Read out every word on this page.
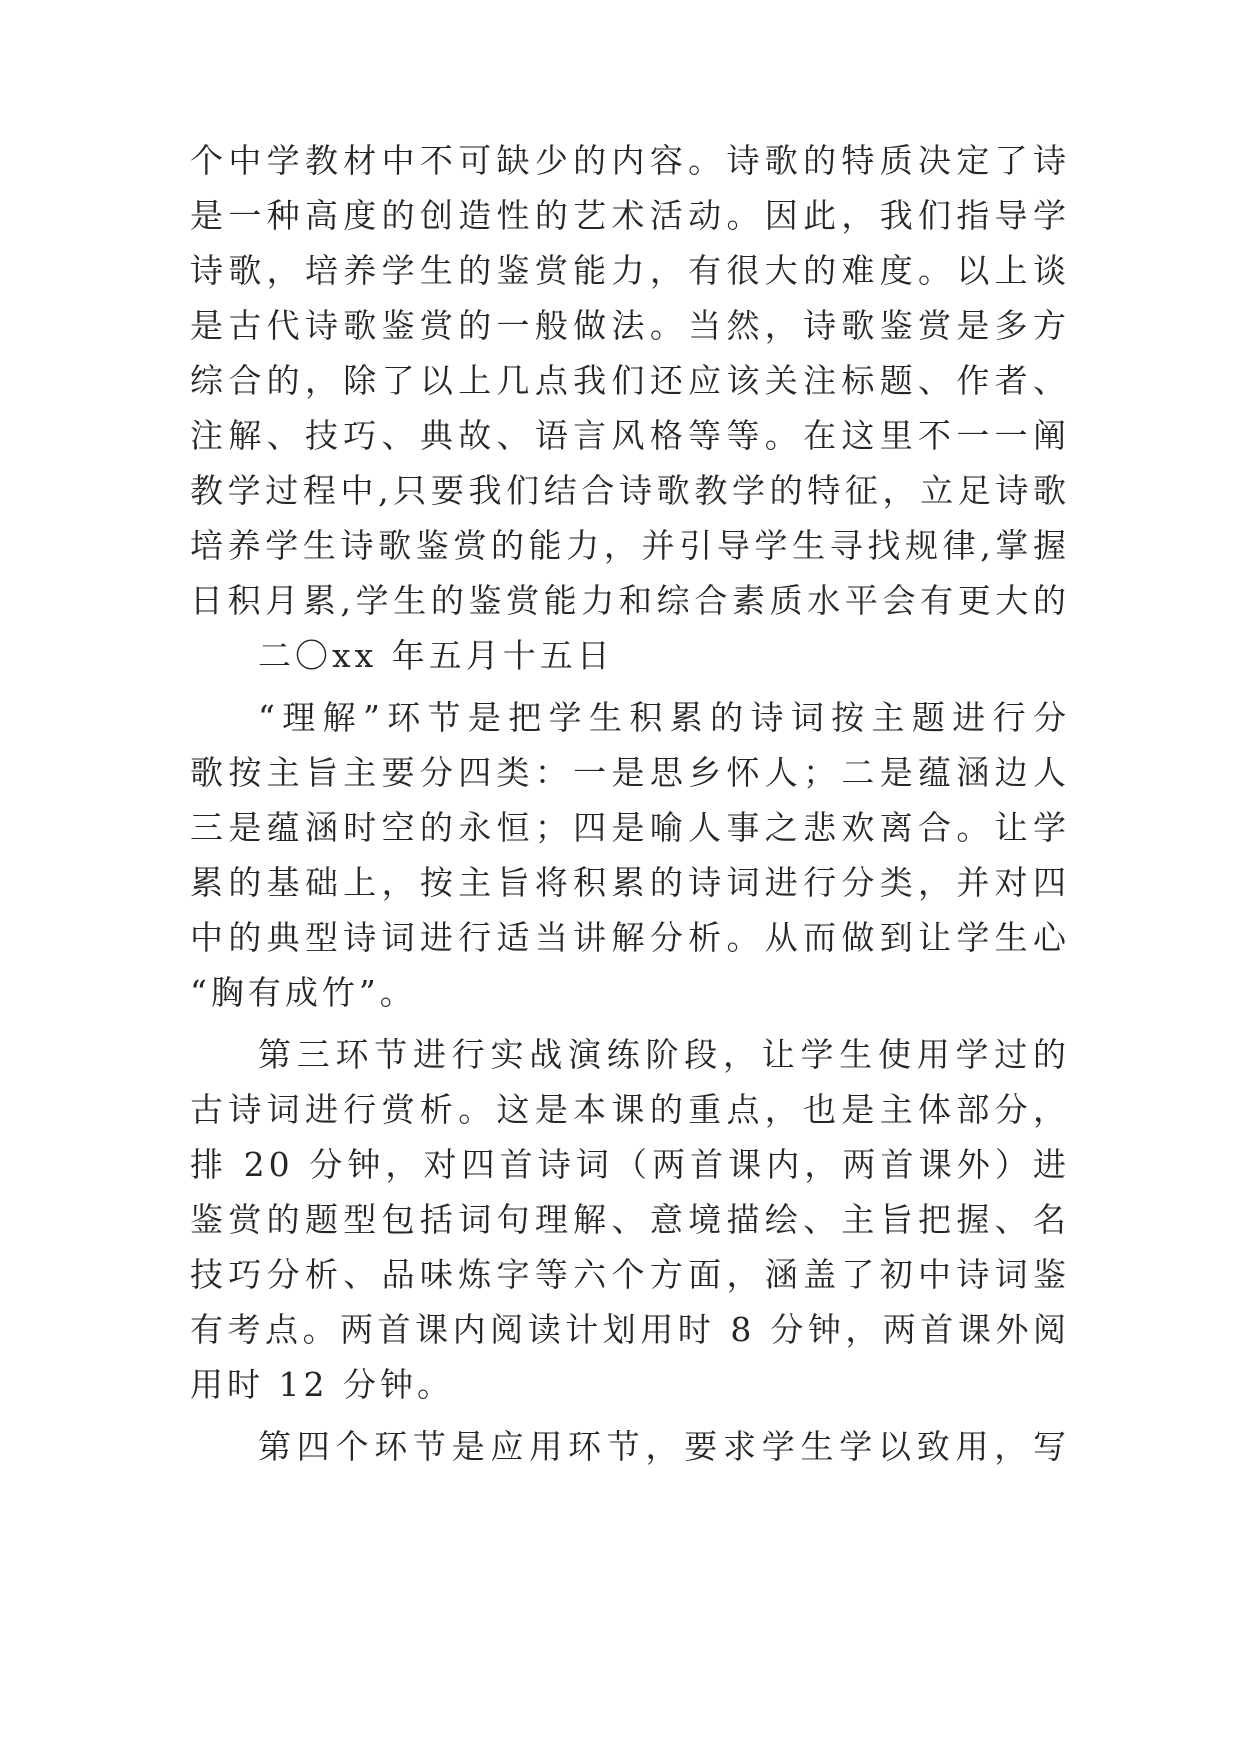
个中学教材中不可缺少的内容。诗歌的特质决定了诗
是一种高度的创造性的艺术活动。因此，我们指导学
诗歌，培养学生的鉴赏能力，有很大的难度。以上谈
是古代诗歌鉴赏的一般做法。当然，诗歌鉴赏是多方
综合的，除了以上几点我们还应该关注标题、作者、
注解、技巧、典故、语言风格等等。在这里不一一阐
教学过程中,只要我们结合诗歌教学的特征，立足诗歌
培养学生诗歌鉴赏的能力，并引导学生寻找规律,掌握
日积月累,学生的鉴赏能力和综合素质水平会有更大的
二〇xx 年五月十五日
“理解”环节是把学生积累的诗词按主题进行分
歌按主旨主要分四类：一是思乡怀人；二是蕴涵边人
三是蕴涵时空的永恒；四是喻人事之悲欢离合。让学
累的基础上，按主旨将积累的诗词进行分类，并对四
中的典型诗词进行适当讲解分析。从而做到让学生心
“胸有成竹”。
第三环节进行实战演练阶段，让学生使用学过的
古诗词进行赏析。这是本课的重点，也是主体部分，
排 20 分钟，对四首诗词（两首课内，两首课外）进
鉴赏的题型包括词句理解、意境描绘、主旨把握、名
技巧分析、品味炼字等六个方面，涵盖了初中诗词鉴
有考点。两首课内阅读计划用时 8 分钟，两首课外阅
用时 12 分钟。
第四个环节是应用环节，要求学生学以致用，写
